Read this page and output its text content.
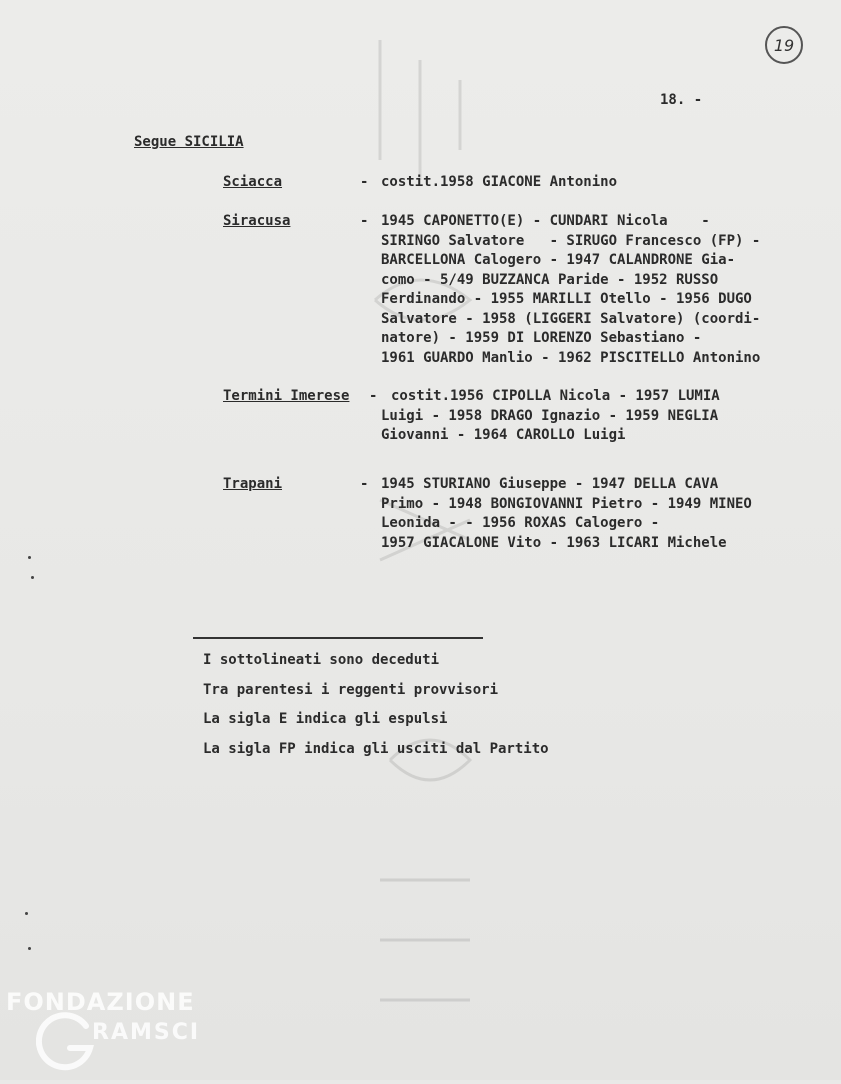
19
18. -
Segue SICILIA
Sciacca	- costit.1958 GIACONE Antonino
Siracusa	- 1945 CAPONETTO(E) - CUNDARI Nicola    -
SIRINGO Salvatore   - SIRUGO Francesco (FP) -
BARCELLONA Calogero - 1947 CALANDRONE Gia-
como - 5/49 BUZZANCA Paride - 1952 RUSSO
Ferdinando - 1955 MARILLI Otello - 1956 DUGO
Salvatore - 1958 (LIGGERI Salvatore) (coordi-
natore) - 1959 DI LORENZO Sebastiano -
1961 GUARDO Manlio - 1962 PISCITELLO Antonino
Termini Imerese - costit.1956 CIPOLLA Nicola - 1957 LUMIA
Luigi - 1958 DRAGO Ignazio - 1959 NEGLIA
Giovanni - 1964 CAROLLO Luigi
Trapani	- 1945 STURIANO Giuseppe - 1947 DELLA CAVA
Primo - 1948 BONGIOVANNI Pietro - 1949 MINEO
Leonida - - 1956 ROXAS Calogero -
1957 GIACALONE Vito - 1963 LICARI Michele
I sottolineati sono deceduti
Tra parentesi i reggenti provvisori
La sigla E indica gli espulsi
La sigla FP indica gli usciti dal Partito
FONDAZIONE
RAMSCI
